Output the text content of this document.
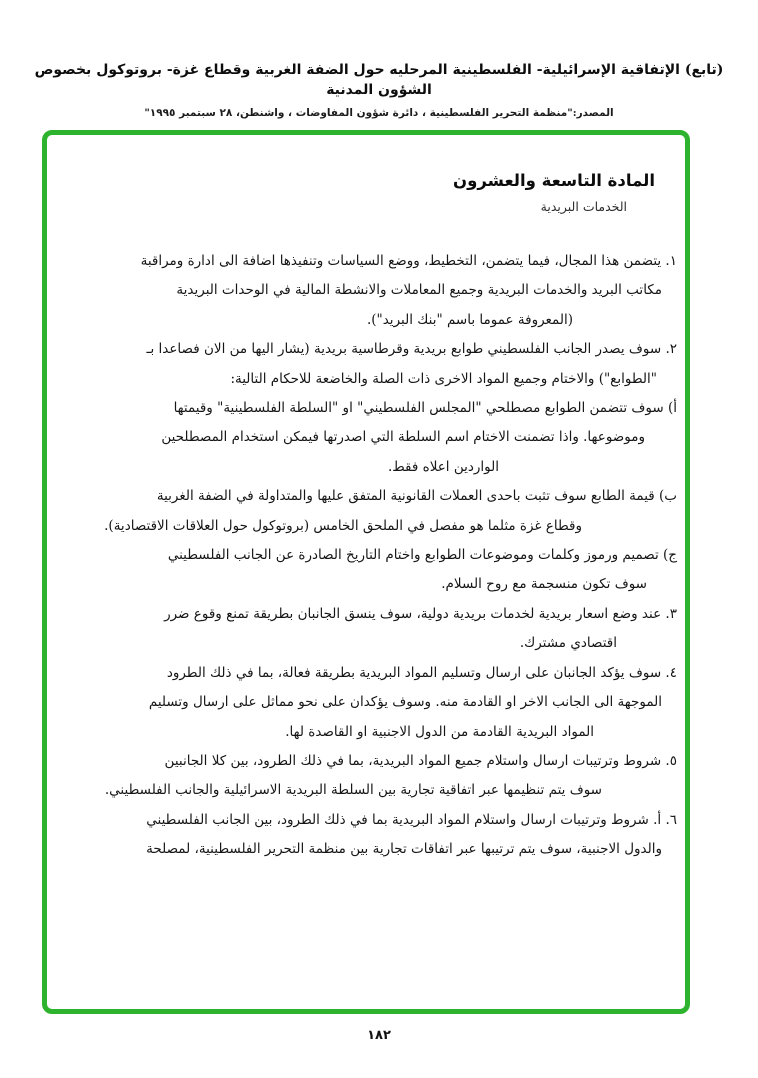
(تابع) الإتفاقية الإسرائيلية- الفلسطينية المرحليه حول الضفة الغربية وقطاع غزة- بروتوكول بخصوص الشؤون المدنية
المصدر:"منظمة التحرير الفلسطينية ، دائرة شؤون المفاوضات ، واشنطن، ٢٨ سبتمبر ١٩٩٥"
المادة التاسعة والعشرون
الخدمات البريدية
١. يتضمن هذا المجال، فيما يتضمن، التخطيط، ووضع السياسات وتنفيذها اضافة الى ادارة ومراقبة
مكاتب البريد والخدمات البريدية وجميع المعاملات والانشطة المالية في الوحدات البريدية
(المعروفة عموما باسم "بنك البريد").
٢. سوف يصدر الجانب الفلسطيني طوابع بريدية وقرطاسية بريدية (يشار اليها من الان فصاعدا بـ
"الطوابع") والاختام وجميع المواد الاخرى ذات الصلة والخاضعة للاحكام التالية:
أ) سوف تتضمن الطوابع مصطلحي "المجلس الفلسطيني" او "السلطة الفلسطينية" وقيمتها
وموضوعها. واذا تضمنت الاختام اسم السلطة التي اصدرتها فيمكن استخدام المصطلحين
الواردين اعلاه فقط.
ب) قيمة الطابع سوف تثبت باحدى العملات القانونية المتفق عليها والمتداولة في الضفة الغربية
وقطاع غزة مثلما هو مفصل في الملحق الخامس (بروتوكول حول العلاقات الاقتصادية).
ج) تصميم ورموز وكلمات وموضوعات الطوابع واختام التاريخ الصادرة عن الجانب الفلسطيني
سوف تكون منسجمة مع روح السلام.
٣. عند وضع اسعار بريدية لخدمات بريدية دولية، سوف ينسق الجانبان بطريقة تمنع وقوع ضرر
اقتصادي مشترك.
٤. سوف يؤكد الجانبان على ارسال وتسليم المواد البريدية بطريقة فعالة، بما في ذلك الطرود
الموجهة الى الجانب الاخر او القادمة منه. وسوف يؤكدان على نحو مماثل على ارسال وتسليم
المواد البريدية القادمة من الدول الاجنبية او القاصدة لها.
٥. شروط وترتيبات ارسال واستلام جميع المواد البريدية، بما في ذلك الطرود، بين كلا الجانبين
سوف يتم تنظيمها عبر اتفاقية تجارية بين السلطة البريدية الاسرائيلية والجانب الفلسطيني.
٦. أ. شروط وترتيبات ارسال واستلام المواد البريدية بما في ذلك الطرود، بين الجانب الفلسطيني
والدول الاجنبية، سوف يتم ترتيبها عبر اتفاقات تجارية بين منظمة التحرير الفلسطينية، لمصلحة
١٨٢
